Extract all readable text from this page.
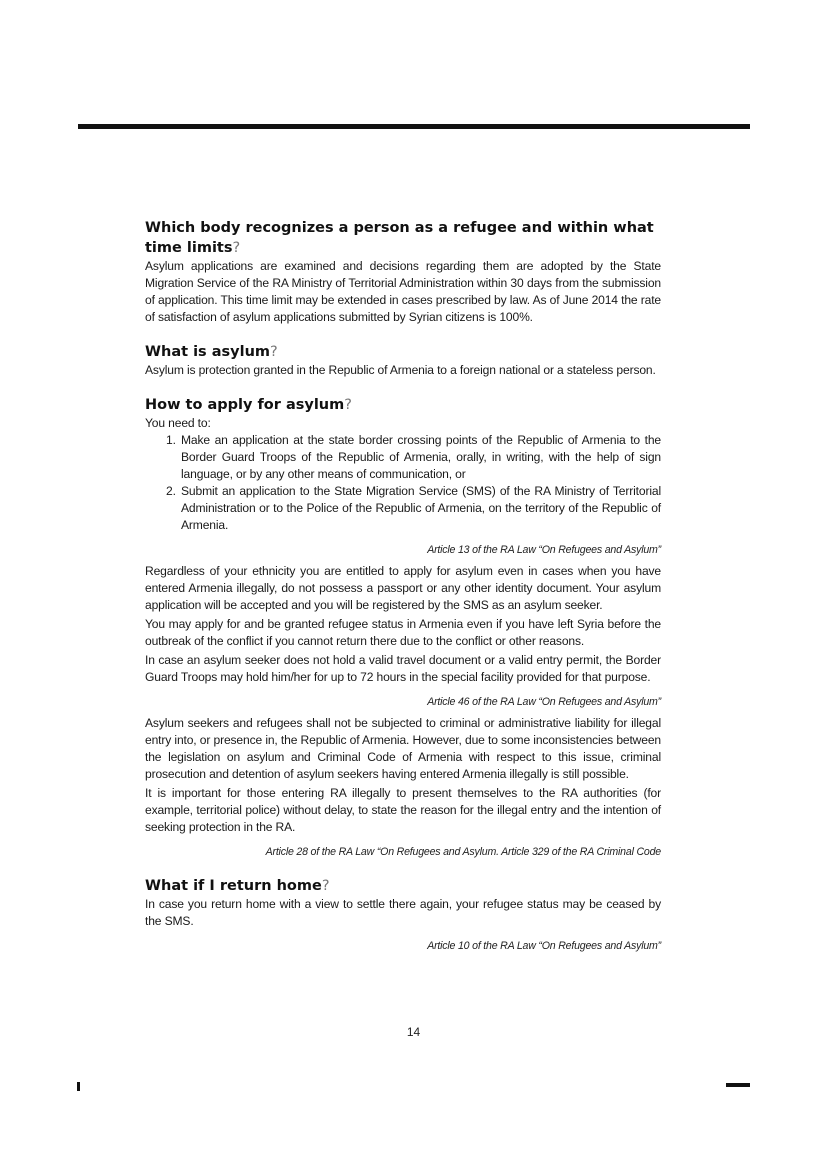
Which body recognizes a person as a refugee and within what time limits?

Asylum applications are examined and decisions regarding them are adopted by the State Migration Service of the RA Ministry of Territorial Administration within 30 days from the submission of application. This time limit may be extended in cases prescribed by law. As of June 2014 the rate of satisfaction of asylum applications submitted by Syrian citizens is 100%.

What is asylum?

Asylum is protection granted in the Republic of Armenia to a foreign national or a stateless person.

How to apply for asylum?

You need to:

1. Make an application at the state border crossing points of the Republic of Armenia to the Border Guard Troops of the Republic of Armenia, orally, in writing, with the help of sign language, or by any other means of communication, or
2. Submit an application to the State Migration Service (SMS) of the RA Ministry of Territorial Administration or to the Police of the Republic of Armenia, on the territory of the Republic of Armenia.
Article 13 of the RA Law “On Refugees and Asylum”

Regardless of your ethnicity you are entitled to apply for asylum even in cases when you have entered Armenia illegally, do not possess a passport or any other identity document. Your asylum application will be accepted and you will be registered by the SMS as an asylum seeker.

You may apply for and be granted refugee status in Armenia even if you have left Syria before the outbreak of the conflict if you cannot return there due to the conflict or other reasons.

In case an asylum seeker does not hold a valid travel document or a valid entry permit, the Border Guard Troops may hold him/her for up to 72 hours in the special facility provided for that purpose.

Article 46 of the RA Law “On Refugees and Asylum”

Asylum seekers and refugees shall not be subjected to criminal or administrative liability for illegal entry into, or presence in, the Republic of Armenia. However, due to some inconsistencies between the legislation on asylum and Criminal Code of Armenia with respect to this issue, criminal prosecution and detention of asylum seekers having entered Armenia illegally is still possible.

It is important for those entering RA illegally to present themselves to the RA authorities (for example, territorial police) without delay, to state the reason for the illegal entry and the intention of seeking protection in the RA.

Article 28 of the RA Law “On Refugees and Asylum. Article 329 of the RA Criminal Code
What if I return home?

In case you return home with a view to settle there again, your refugee status may be ceased by the SMS.

Article 10 of the RA Law “On Refugees and Asylum”
14
